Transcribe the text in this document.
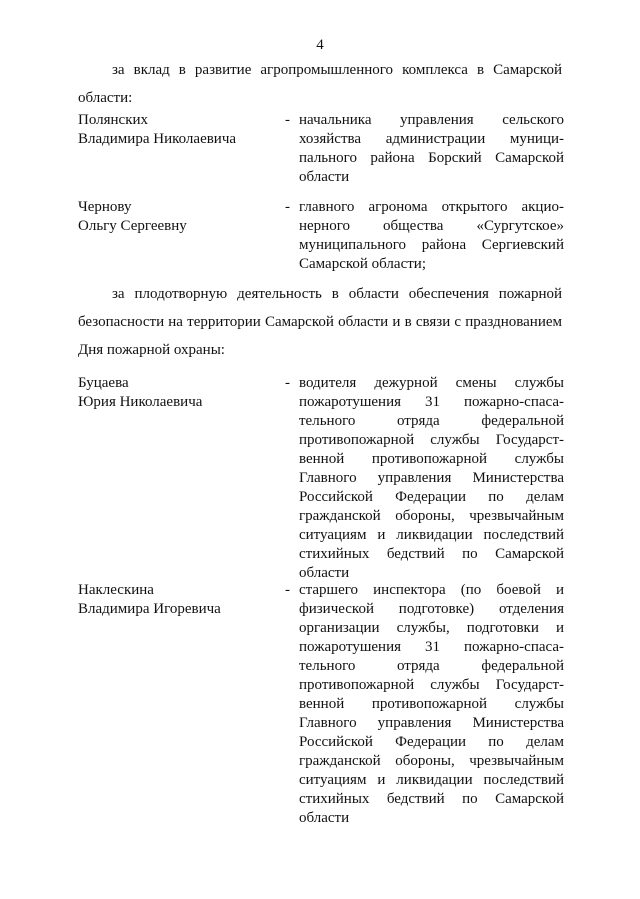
4
за вклад в развитие агропромышленного комплекса в Самарской
области:
Полянских
Владимира Николаевича
- начальника управления сельского
хозяйства администрации муници-
пального района Борский Самарской
области
Чернову
Ольгу Сергеевну
- главного агронома открытого акцио-
нерного общества «Сургутское»
муниципального района Сергиевский
Самарской области;
за плодотворную деятельность в области обеспечения пожарной
безопасности на территории Самарской области и в связи с празднованием
Дня пожарной охраны:
Буцаева
Юрия Николаевича
- водителя дежурной смены службы
пожаротушения 31 пожарно-спаса-
тельного отряда федеральной
противопожарной службы Государст-
венной противопожарной службы
Главного управления Министерства
Российской Федерации по делам
гражданской обороны, чрезвычайным
ситуациям и ликвидации последствий
стихийных бедствий по Самарской
области
Наклескина
Владимира Игоревича
- старшего инспектора (по боевой и
физической подготовке) отделения
организации службы, подготовки и
пожаротушения 31 пожарно-спаса-
тельного отряда федеральной
противопожарной службы Государст-
венной противопожарной службы
Главного управления Министерства
Российской Федерации по делам
гражданской обороны, чрезвычайным
ситуациям и ликвидации последствий
стихийных бедствий по Самарской
области
